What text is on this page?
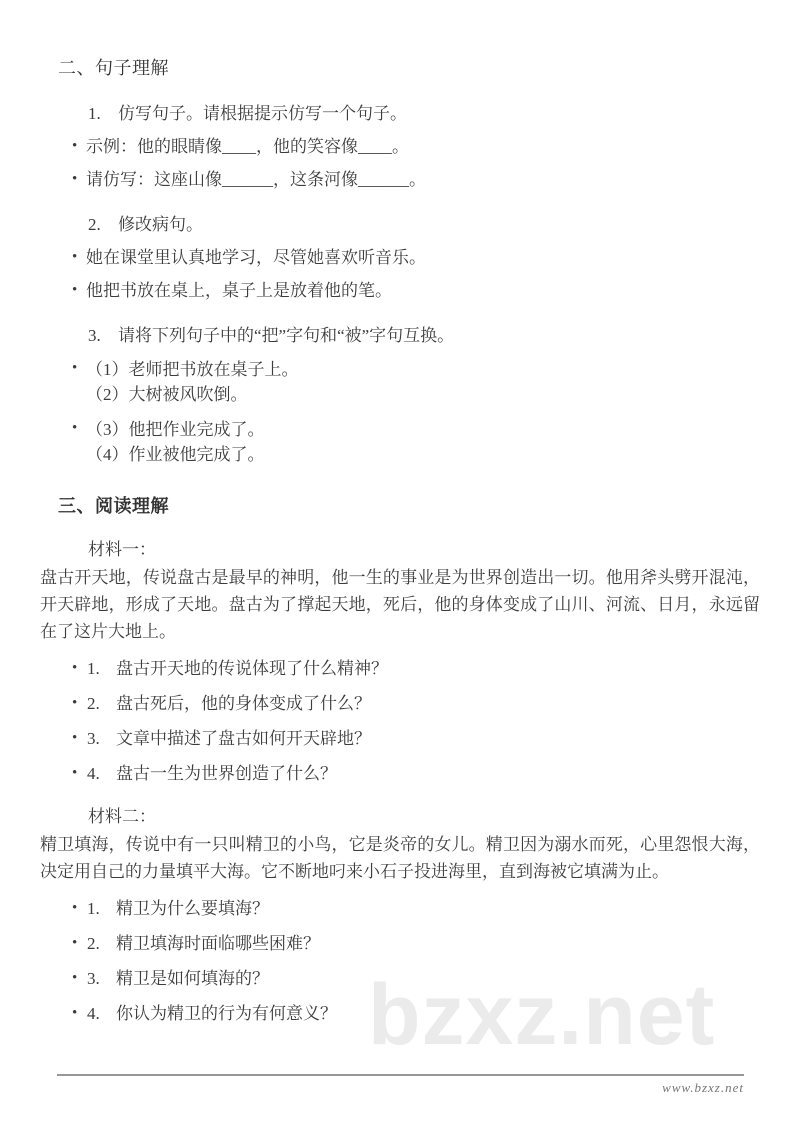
bzxz.net
二、句子理解
1.	仿写句子。请根据提示仿写一个句子。
• 示例：他的眼睛像____，他的笑容像____。
• 请仿写：这座山像______，这条河像______。
2.	修改病句。
• 她在课堂里认真地学习，尽管她喜欢听音乐。
• 他把书放在桌上，桌子上是放着他的笔。
3.	请将下列句子中的“把”字句和“被”字句互换。
• （1）老师把书放在桌子上。
（2）大树被风吹倒。
• （3）他把作业完成了。
（4）作业被他完成了。
三、阅读理解
材料一：
盘古开天地，传说盘古是最早的神明，他一生的事业是为世界创造出一切。他用斧头劈开混沌，开天辟地，形成了天地。盘古为了撑起天地，死后，他的身体变成了山川、河流、日月，永远留在了这片大地上。
• 1. 盘古开天地的传说体现了什么精神？
• 2. 盘古死后，他的身体变成了什么？
• 3. 文章中描述了盘古如何开天辟地？
• 4. 盘古一生为世界创造了什么？
材料二：
精卫填海，传说中有一只叫精卫的小鸟，它是炎帝的女儿。精卫因为溺水而死，心里怨恨大海，决定用自己的力量填平大海。它不断地叼来小石子投进海里，直到海被它填满为止。
• 1. 精卫为什么要填海？
• 2. 精卫填海时面临哪些困难？
• 3. 精卫是如何填海的？
• 4. 你认为精卫的行为有何意义？
www.bzxz.net
